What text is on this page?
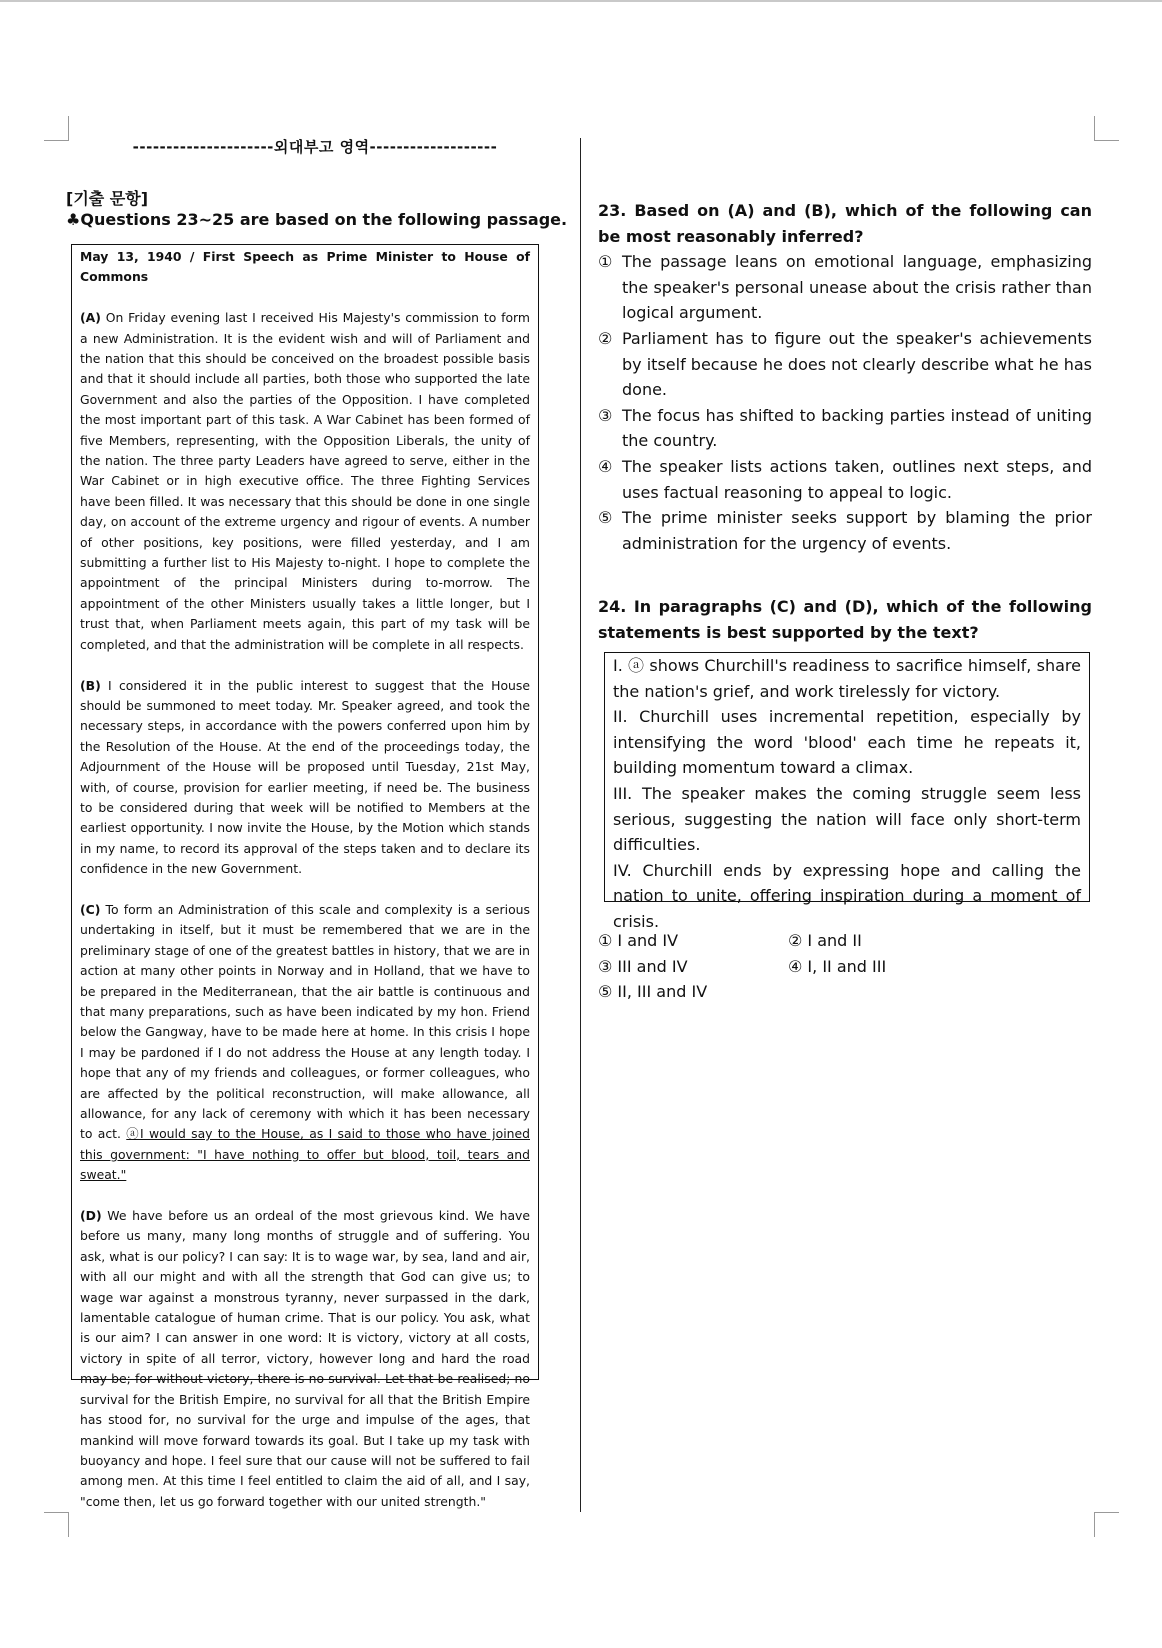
---------------------외대부고 영역-------------------
[기출 문항]
♣Questions 23~25 are based on the following passage.
May 13, 1940 / First Speech as Prime Minister to House of Commons

(A) On Friday evening last I received His Majesty's commission to form a new Administration. It is the evident wish and will of Parliament and the nation that this should be conceived on the broadest possible basis and that it should include all parties, both those who supported the late Government and also the parties of the Opposition. I have completed the most important part of this task. A War Cabinet has been formed of five Members, representing, with the Opposition Liberals, the unity of the nation. The three party Leaders have agreed to serve, either in the War Cabinet or in high executive office. The three Fighting Services have been filled. It was necessary that this should be done in one single day, on account of the extreme urgency and rigour of events. A number of other positions, key positions, were filled yesterday, and I am submitting a further list to His Majesty to-night. I hope to complete the appointment of the principal Ministers during to-morrow. The appointment of the other Ministers usually takes a little longer, but I trust that, when Parliament meets again, this part of my task will be completed, and that the administration will be complete in all respects.

(B) I considered it in the public interest to suggest that the House should be summoned to meet today. Mr. Speaker agreed, and took the necessary steps, in accordance with the powers conferred upon him by the Resolution of the House. At the end of the proceedings today, the Adjournment of the House will be proposed until Tuesday, 21st May, with, of course, provision for earlier meeting, if need be. The business to be considered during that week will be notified to Members at the earliest opportunity. I now invite the House, by the Motion which stands in my name, to record its approval of the steps taken and to declare its confidence in the new Government.

(C) To form an Administration of this scale and complexity is a serious undertaking in itself, but it must be remembered that we are in the preliminary stage of one of the greatest battles in history, that we are in action at many other points in Norway and in Holland, that we have to be prepared in the Mediterranean, that the air battle is continuous and that many preparations, such as have been indicated by my hon. Friend below the Gangway, have to be made here at home. In this crisis I hope I may be pardoned if I do not address the House at any length today. I hope that any of my friends and colleagues, or former colleagues, who are affected by the political reconstruction, will make allowance, all allowance, for any lack of ceremony with which it has been necessary to act. ⓐI would say to the House, as I said to those who have joined this government: "I have nothing to offer but blood, toil, tears and sweat."

(D) We have before us an ordeal of the most grievous kind. We have before us many, many long months of struggle and of suffering. You ask, what is our policy? I can say: It is to wage war, by sea, land and air, with all our might and with all the strength that God can give us; to wage war against a monstrous tyranny, never surpassed in the dark, lamentable catalogue of human crime. That is our policy. You ask, what is our aim? I can answer in one word: It is victory, victory at all costs, victory in spite of all terror, victory, however long and hard the road may be; for without victory, there is no survival. Let that be realised; no survival for the British Empire, no survival for all that the British Empire has stood for, no survival for the urge and impulse of the ages, that mankind will move forward towards its goal. But I take up my task with buoyancy and hope. I feel sure that our cause will not be suffered to fail among men. At this time I feel entitled to claim the aid of all, and I say, "come then, let us go forward together with our united strength."

23. Based on (A) and (B), which of the following can be most reasonably inferred?
① The passage leans on emotional language, emphasizing the speaker's personal unease about the crisis rather than logical argument.
② Parliament has to figure out the speaker's achievements by itself because he does not clearly describe what he has done.
③ The focus has shifted to backing parties instead of uniting the country.
④ The speaker lists actions taken, outlines next steps, and uses factual reasoning to appeal to logic.
⑤ The prime minister seeks support by blaming the prior administration for the urgency of events.
24. In paragraphs (C) and (D), which of the following statements is best supported by the text?

I. ⓐ shows Churchill's readiness to sacrifice himself, share the nation's grief, and work tirelessly for victory.

II. Churchill uses incremental repetition, especially by intensifying the word 'blood' each time he repeats it, building momentum toward a climax.

III. The speaker makes the coming struggle seem less serious, suggesting the nation will face only short-term difficulties.

IV. Churchill ends by expressing hope and calling the nation to unite, offering inspiration during a moment of crisis.

① I and IV	② I and II
③ III and IV	④ I, II and III
⑤ II, III and IV
